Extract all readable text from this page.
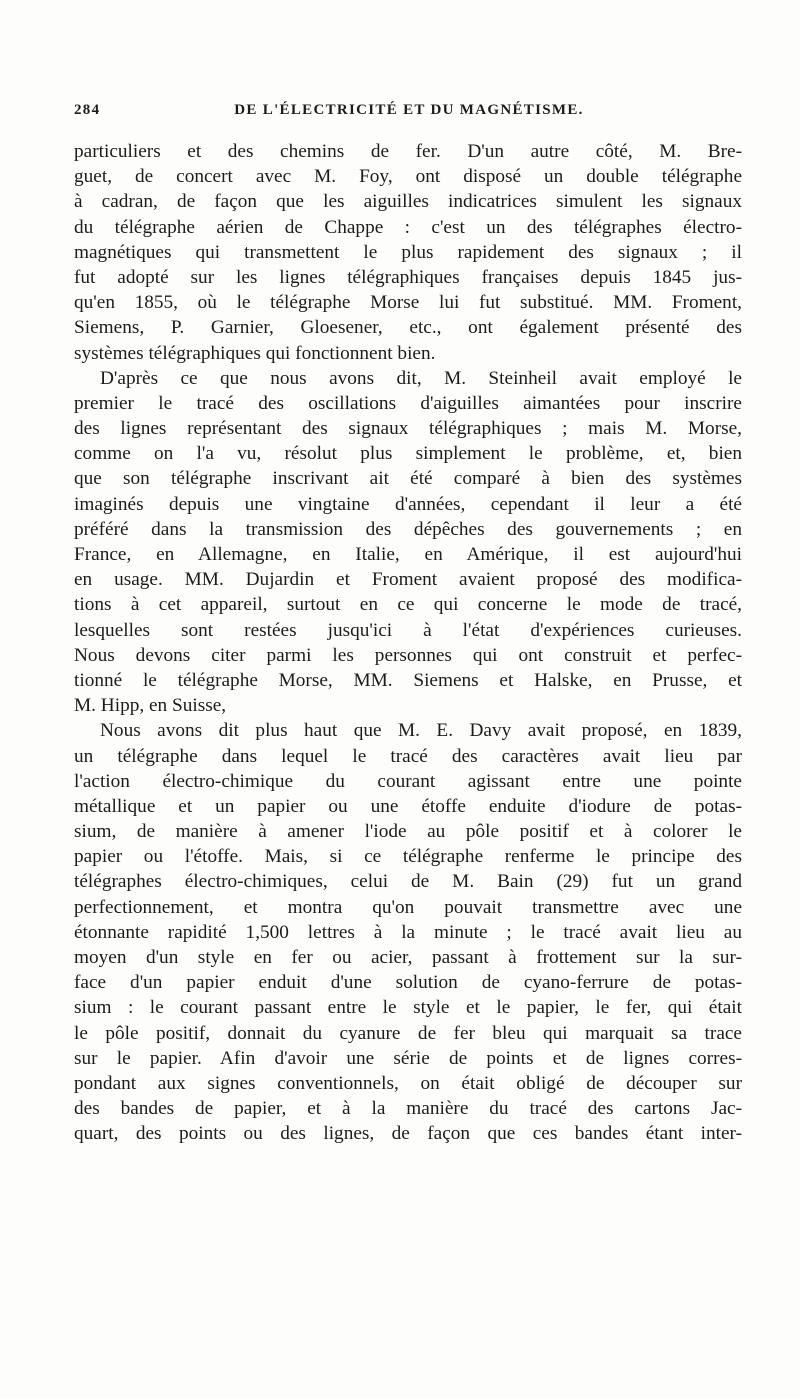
284	DE L'ÉLECTRICITÉ ET DU MAGNÉTISME.
particuliers et des chemins de fer. D'un autre côté, M. Bre-
guet, de concert avec M. Foy, ont disposé un double télégraphe
à cadran, de façon que les aiguilles indicatrices simulent les signaux
du télégraphe aérien de Chappe : c'est un des télégraphes électro-
magnétiques qui transmettent le plus rapidement des signaux ; il
fut adopté sur les lignes télégraphiques françaises depuis 1845 jus-
qu'en 1855, où le télégraphe Morse lui fut substitué. MM. Froment,
Siemens, P. Garnier, Gloesener, etc., ont également présenté des
systèmes télégraphiques qui fonctionnent bien.
D'après ce que nous avons dit, M. Steinheil avait employé le
premier le tracé des oscillations d'aiguilles aimantées pour inscrire
des lignes représentant des signaux télégraphiques ; mais M. Morse,
comme on l'a vu, résolut plus simplement le problème, et, bien
que son télégraphe inscrivant ait été comparé à bien des systèmes
imaginés depuis une vingtaine d'années, cependant il leur a été
préféré dans la transmission des dépêches des gouvernements ; en
France, en Allemagne, en Italie, en Amérique, il est aujourd'hui
en usage. MM. Dujardin et Froment avaient proposé des modifica-
tions à cet appareil, surtout en ce qui concerne le mode de tracé,
lesquelles sont restées jusqu'ici à l'état d'expériences curieuses.
Nous devons citer parmi les personnes qui ont construit et perfec-
tionné le télégraphe Morse, MM. Siemens et Halske, en Prusse, et
M. Hipp, en Suisse,
Nous avons dit plus haut que M. E. Davy avait proposé, en 1839,
un télégraphe dans lequel le tracé des caractères avait lieu par
l'action électro-chimique du courant agissant entre une pointe
métallique et un papier ou une étoffe enduite d'iodure de potas-
sium, de manière à amener l'iode au pôle positif et à colorer le
papier ou l'étoffe. Mais, si ce télégraphe renferme le principe des
télégraphes électro-chimiques, celui de M. Bain (29) fut un grand
perfectionnement, et montra qu'on pouvait transmettre avec une
étonnante rapidité 1,500 lettres à la minute ; le tracé avait lieu au
moyen d'un style en fer ou acier, passant à frottement sur la sur-
face d'un papier enduit d'une solution de cyano-ferrure de potas-
sium : le courant passant entre le style et le papier, le fer, qui était
le pôle positif, donnait du cyanure de fer bleu qui marquait sa trace
sur le papier. Afin d'avoir une série de points et de lignes corres-
pondant aux signes conventionnels, on était obligé de découper sur
des bandes de papier, et à la manière du tracé des cartons Jac-
quart, des points ou des lignes, de façon que ces bandes étant inter-
